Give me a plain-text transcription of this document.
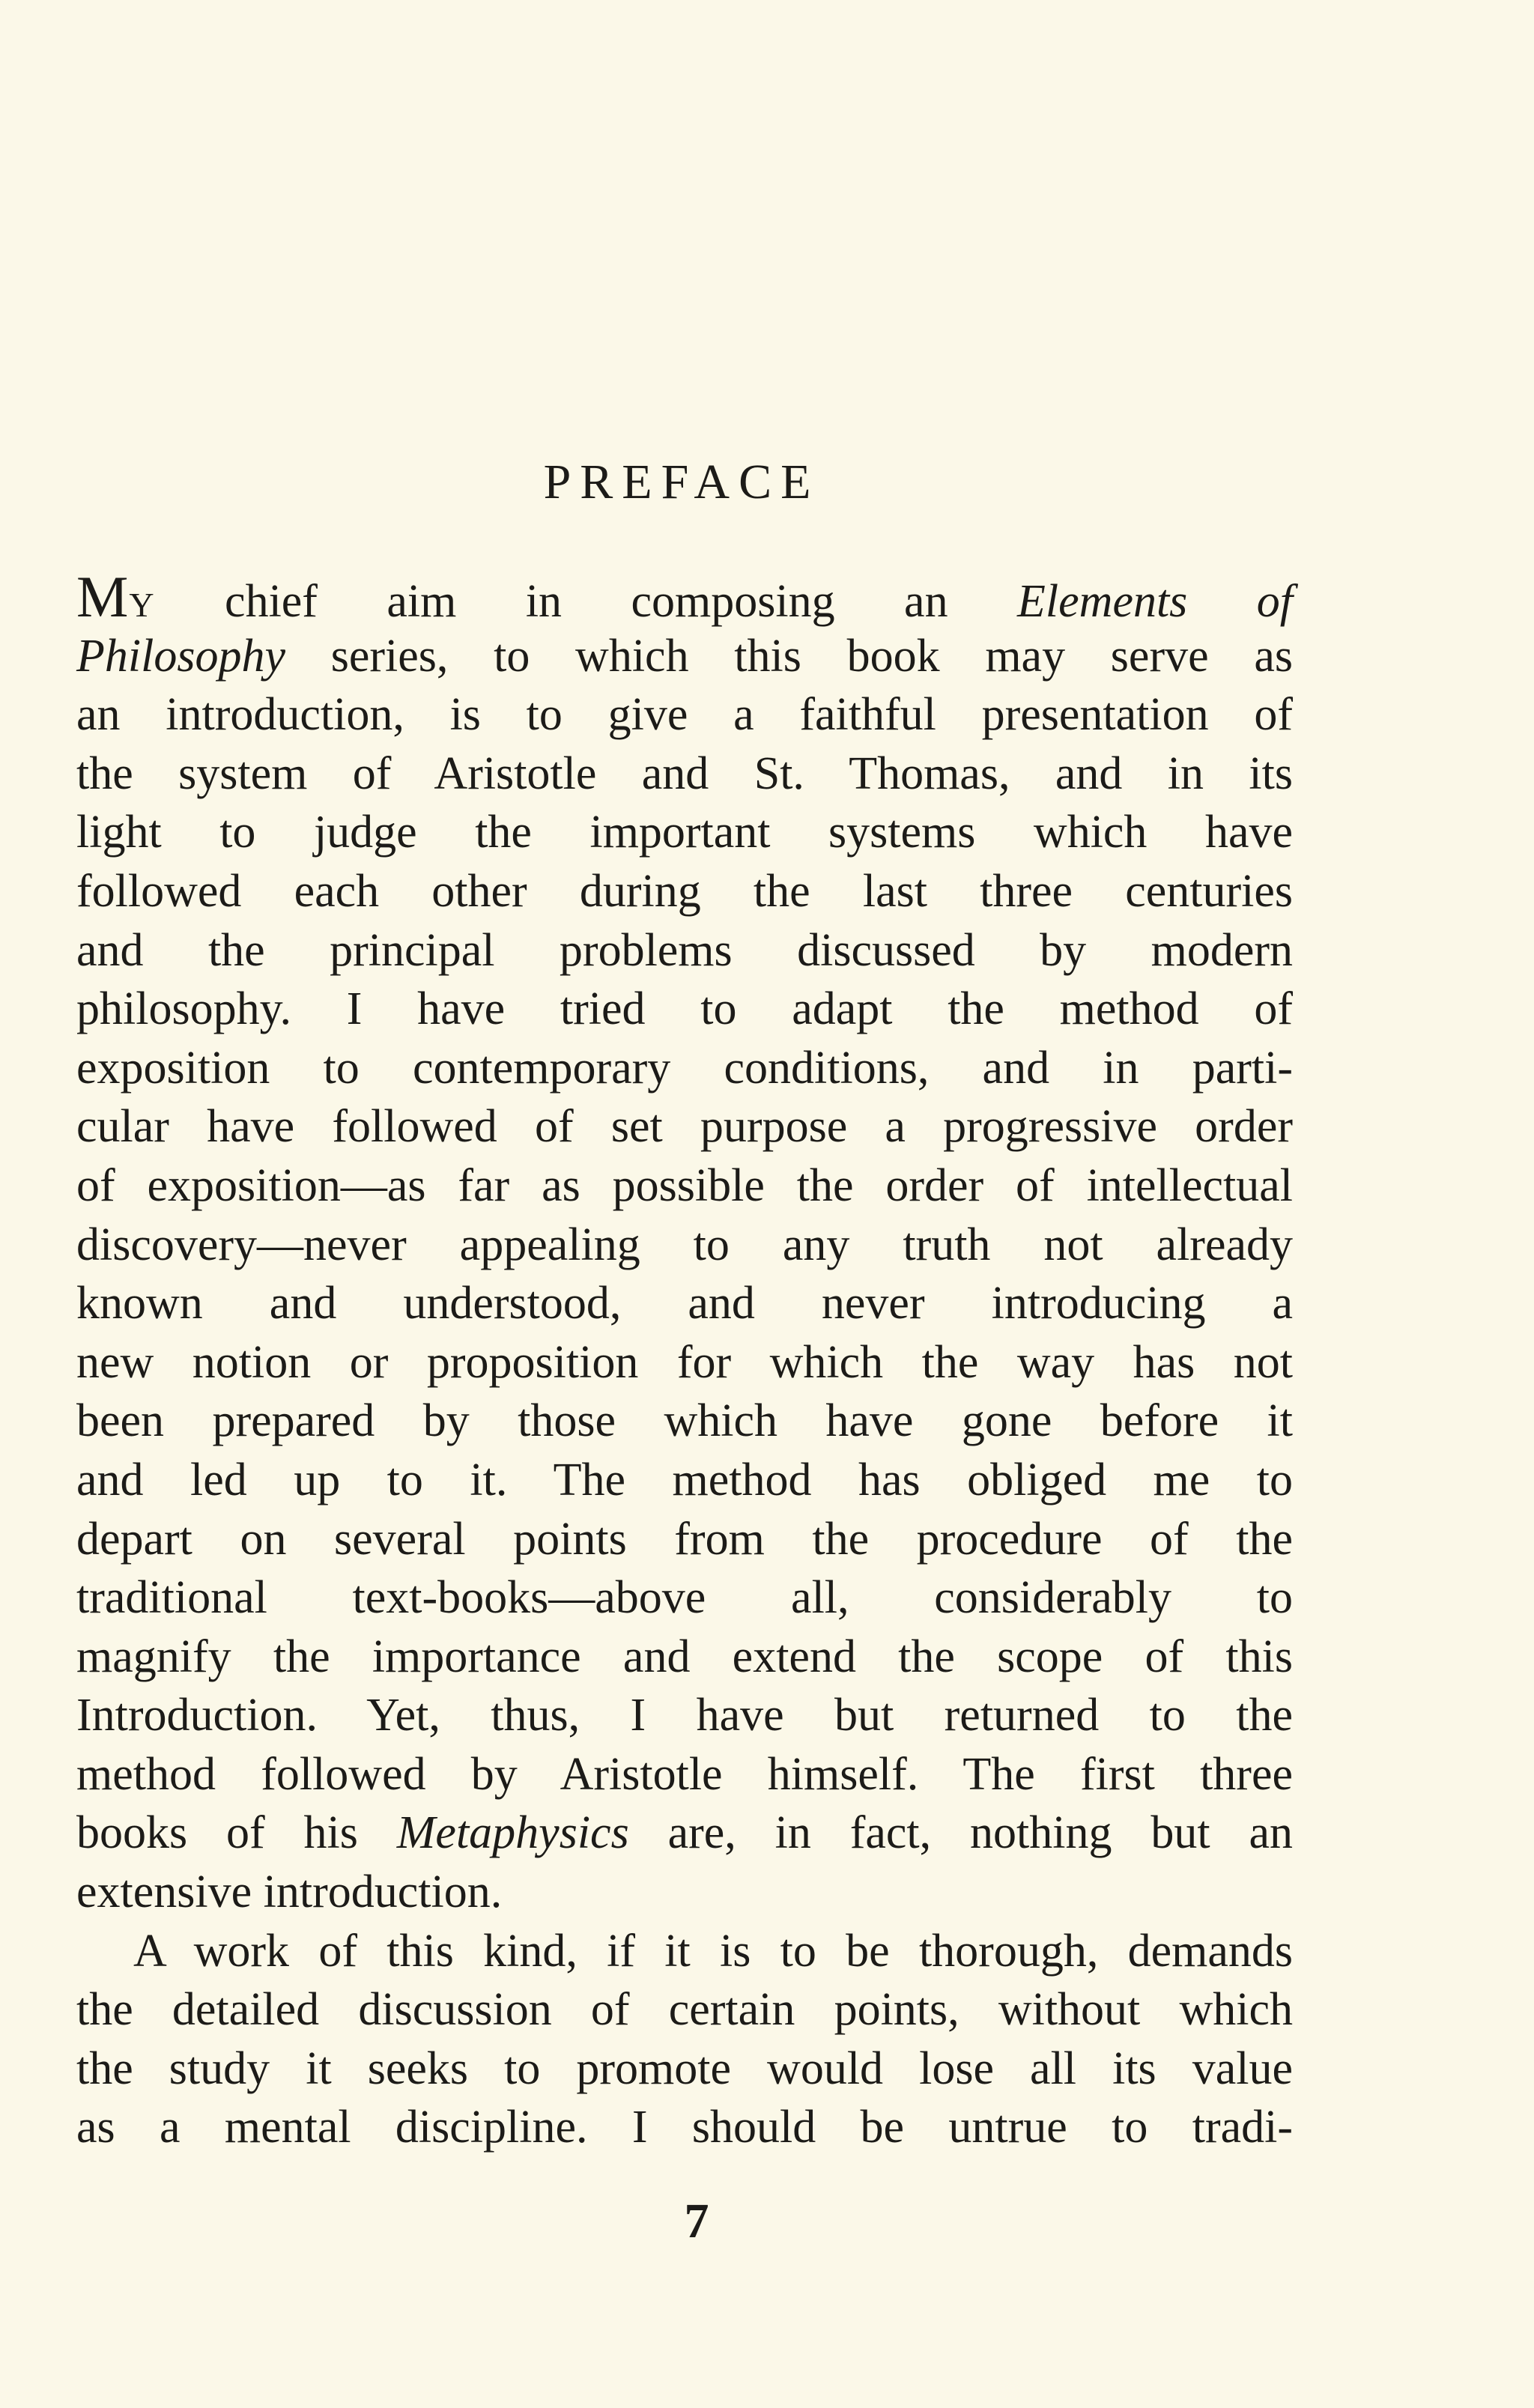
PREFACE
MY chief aim in composing an Elements of
Philosophy series, to which this book may serve as
an introduction, is to give a faithful presentation of
the system of Aristotle and St. Thomas, and in its
light to judge the important systems which have
followed each other during the last three centuries
and the principal problems discussed by modern
philosophy. I have tried to adapt the method of
exposition to contemporary conditions, and in parti-
cular have followed of set purpose a progressive order
of exposition—as far as possible the order of intellectual
discovery—never appealing to any truth not already
known and understood, and never introducing a
new notion or proposition for which the way has not
been prepared by those which have gone before it
and led up to it. The method has obliged me to
depart on several points from the procedure of the
traditional text-books—above all, considerably to
magnify the importance and extend the scope of this
Introduction. Yet, thus, I have but returned to the
method followed by Aristotle himself. The first three
books of his Metaphysics are, in fact, nothing but an
extensive introduction.
A work of this kind, if it is to be thorough, demands
the detailed discussion of certain points, without which
the study it seeks to promote would lose all its value
as a mental discipline. I should be untrue to tradi-
7
